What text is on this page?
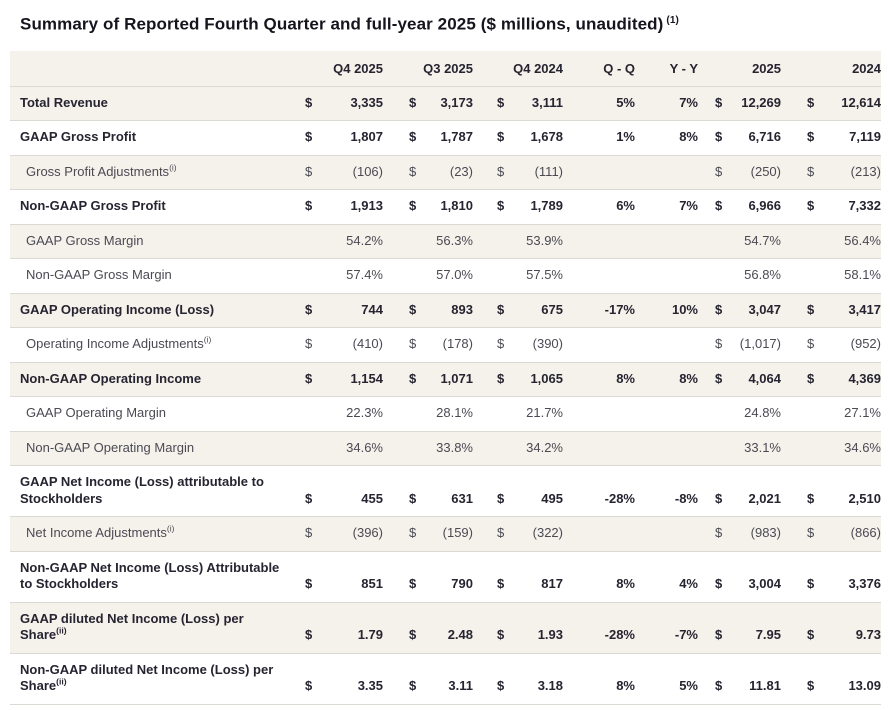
Summary of Reported Fourth Quarter and full-year 2025 ($ millions, unaudited) $^{(1)}$
	Q4 2025	Q3 2025	Q4 2024	Q - Q	Y - Y	2025	2024
Total Revenue	$ 3,335	$ 3,173	$ 3,111	5%	7%	$ 12,269	$ 12,614

GAAP Gross Profit	$ 1,807	$ 1,787	$ 1,678	1%	8%	$ 6,716	$ 7,119

Gross Profit Adjustments$^{(i)}$	$ (106)	$ (23)	$ (111)			$ (250)	$ (213)

Non-GAAP Gross Profit	$ 1,913	$ 1,810	$ 1,789	6%	7%	$ 6,966	$ 7,332

GAAP Gross Margin	54.2%	56.3%	53.9%			54.7%	56.4%

Non-GAAP Gross Margin	57.4%	57.0%	57.5%			56.8%	58.1%

GAAP Operating Income (Loss)	$ 744	$ 893	$ 675	-17%	10%	$ 3,047	$ 3,417

Operating Income Adjustments$^{(i)}$	$ (410)	$ (178)	$ (390)			$ (1,017)	$ (952)

Non-GAAP Operating Income	$ 1,154	$ 1,071	$ 1,065	8%	8%	$ 4,064	$ 4,369

GAAP Operating Margin	22.3%	28.1%	21.7%			24.8%	27.1%

Non-GAAP Operating Margin	34.6%	33.8%	34.2%			33.1%	34.6%

GAAP Net Income (Loss) attributable to Stockholders	$ 455	$ 631	$ 495	-28%	-8%	$ 2,021	$ 2,510

Net Income Adjustments$^{(i)}$	$ (396)	$ (159)	$ (322)			$ (983)	$ (866)

Non-GAAP Net Income (Loss) Attributable to Stockholders	$ 851	$ 790	$ 817	8%	4%	$ 3,004	$ 3,376

GAAP diluted Net Income (Loss) per Share$^{(ii)}$	$ 1.79	$ 2.48	$ 1.93	-28%	-7%	$ 7.95	$ 9.73

Non-GAAP diluted Net Income (Loss) per Share$^{(ii)}$	$ 3.35	$ 3.11	$ 3.18	8%	5%	$ 11.81	$ 13.09
